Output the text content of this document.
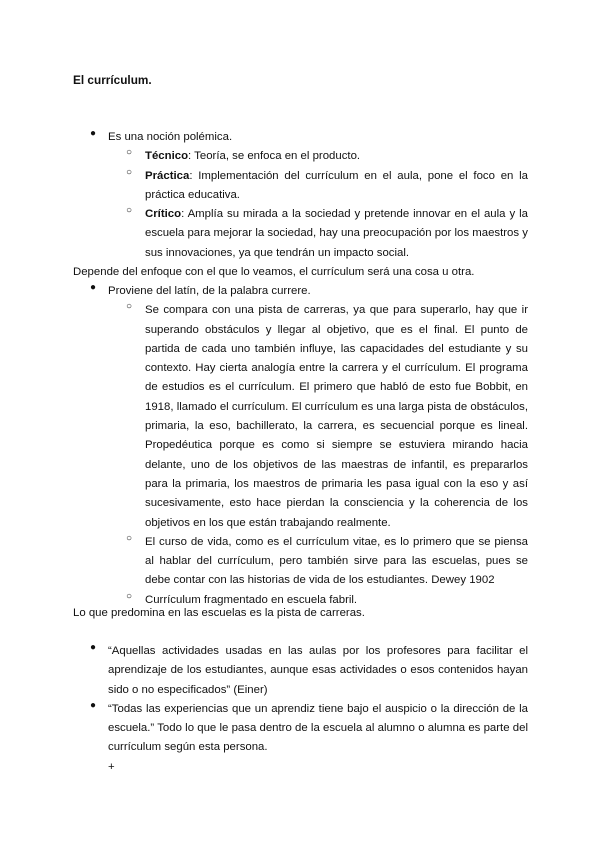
El currículum.
●	Es una noción polémica.

○ Técnico: Teoría, se enfoca en el producto.

○ Práctica: Implementación del currículum en el aula, pone el foco en la práctica educativa.

○ Crítico: Amplía su mirada a la sociedad y pretende innovar en el aula y la escuela para mejorar la sociedad, hay una preocupación por los maestros y sus innovaciones, ya que tendrán un impacto social.

Depende del enfoque con el que lo veamos, el currículum será una cosa u otra.

●	Proviene del latín, de la palabra currere.

○ Se compara con una pista de carreras, ya que para superarlo, hay que ir superando obstáculos y llegar al objetivo, que es el final. El punto de partida de cada uno también influye, las capacidades del estudiante y su contexto. Hay cierta analogía entre la carrera y el currículum. El programa de estudios es el currículum. El primero que habló de esto fue Bobbit, en 1918, llamado el currículum. El currículum es una larga pista de obstáculos, primaria, la eso, bachillerato, la carrera, es secuencial porque es lineal. Propedéutica porque es como si siempre se estuviera mirando hacia delante, uno de los objetivos de las maestras de infantil, es prepararlos para la primaria, los maestros de primaria les pasa igual con la eso y así sucesivamente, esto hace pierdan la consciencia y la coherencia de los objetivos en los que están trabajando realmente.

○ El curso de vida, como es el currículum vitae, es lo primero que se piensa al hablar del currículum, pero también sirve para las escuelas, pues se debe contar con las historias de vida de los estudiantes. Dewey 1902

○ Currículum fragmentado en escuela fabril.

Lo que predomina en las escuelas es la pista de carreras.

●	“Aquellas actividades usadas en las aulas por los profesores para facilitar el aprendizaje de los estudiantes, aunque esas actividades o esos contenidos hayan sido o no especificados” (Einer)

●	“Todas las experiencias que un aprendiz tiene bajo el auspicio o la dirección de la escuela.” Todo lo que le pasa dentro de la escuela al alumno o alumna es parte del currículum según esta persona.

+
